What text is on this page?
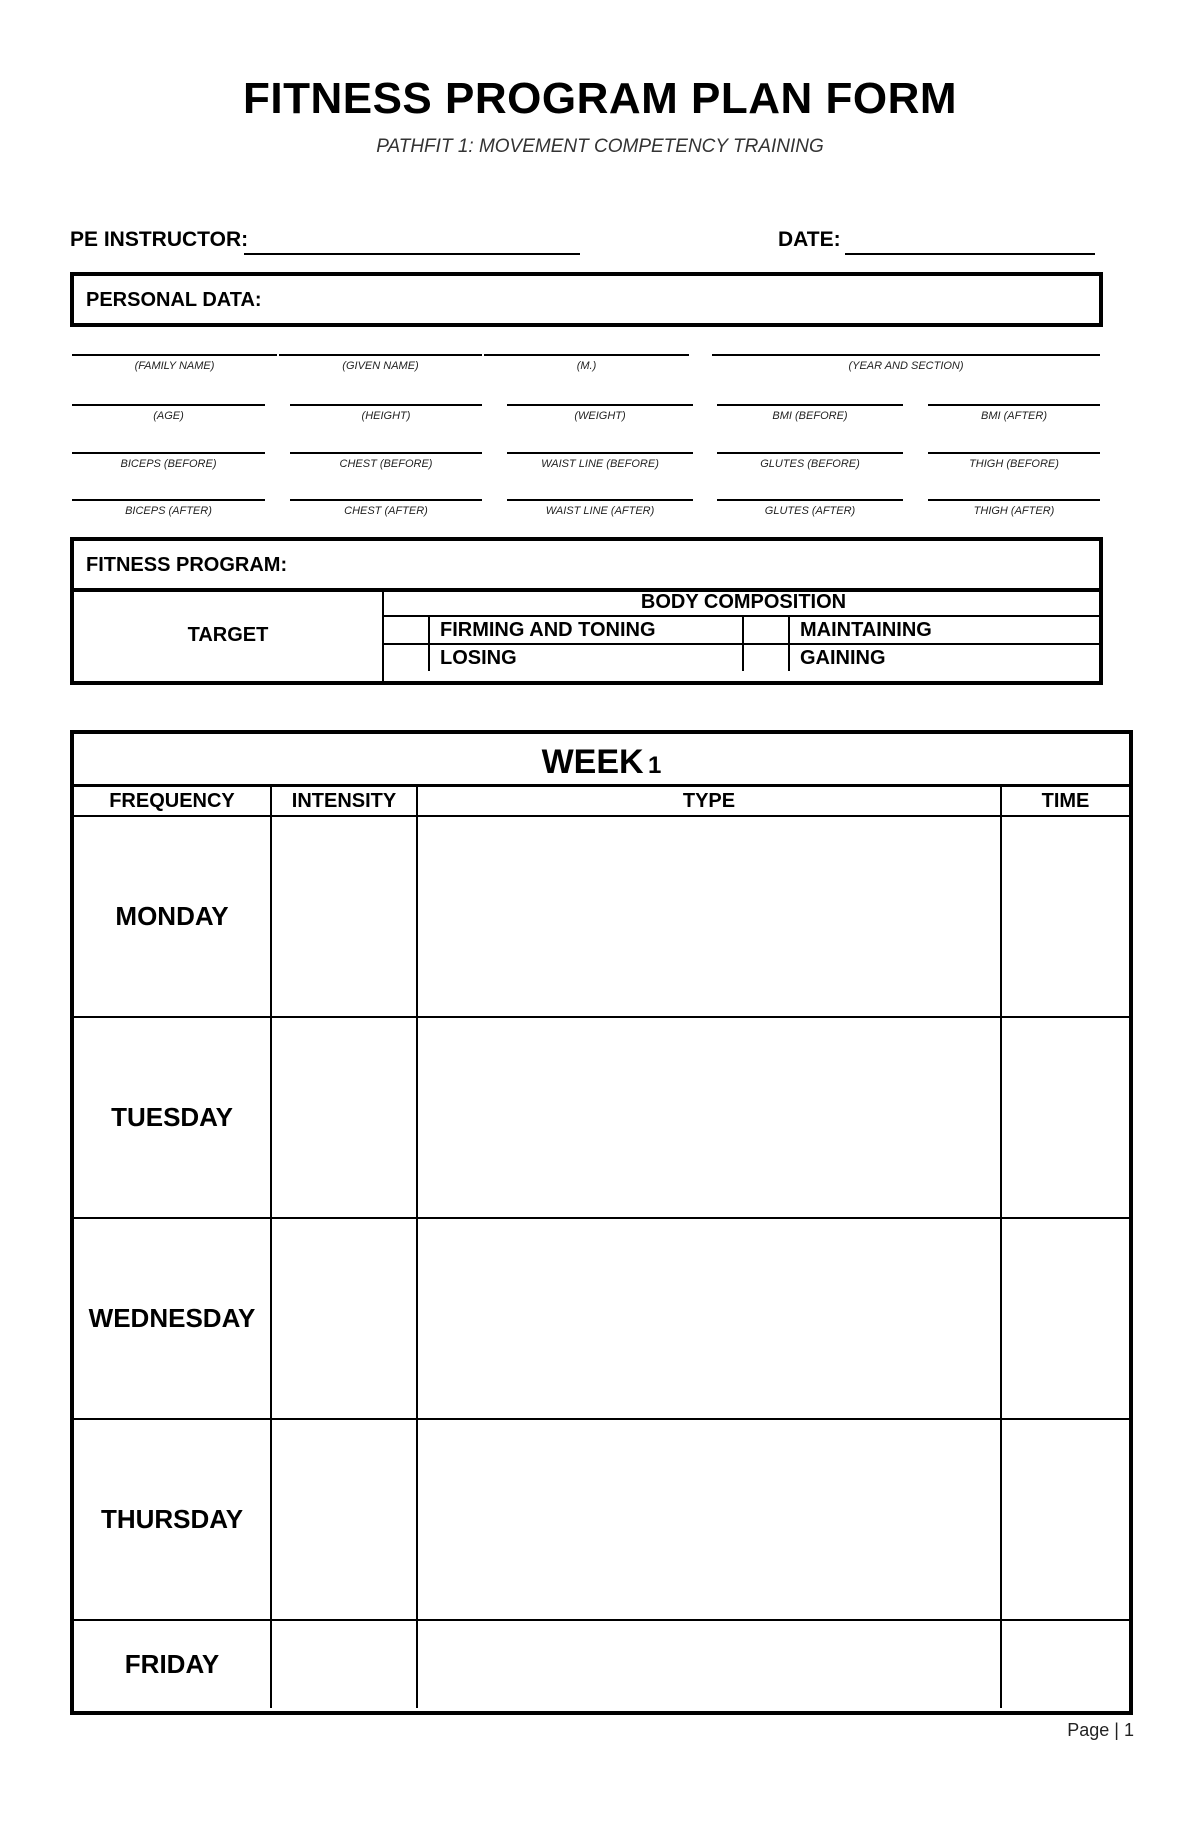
FITNESS PROGRAM PLAN FORM
PATHFIT 1: MOVEMENT COMPETENCY TRAINING
PE INSTRUCTOR:	DATE:
PERSONAL DATA:
(FAMILY NAME)	(GIVEN NAME)	(M.)	(YEAR AND SECTION)
(AGE)	(HEIGHT)	(WEIGHT)	BMI (BEFORE)	BMI (AFTER)
BICEPS (BEFORE)	CHEST (BEFORE)	WAIST LINE (BEFORE)	GLUTES (BEFORE)	THIGH (BEFORE)
BICEPS (AFTER)	CHEST (AFTER)	WAIST LINE (AFTER)	GLUTES (AFTER)	THIGH (AFTER)
FITNESS PROGRAM:
TARGET
BODY COMPOSITION			
	FIRMING AND TONING		MAINTAINING
	LOSING		GAINING
WEEK 1
FREQUENCY	INTENSITY	TYPE	TIME
MONDAY			
TUESDAY			
WEDNESDAY			
THURSDAY			
FRIDAY			
Page | 1
